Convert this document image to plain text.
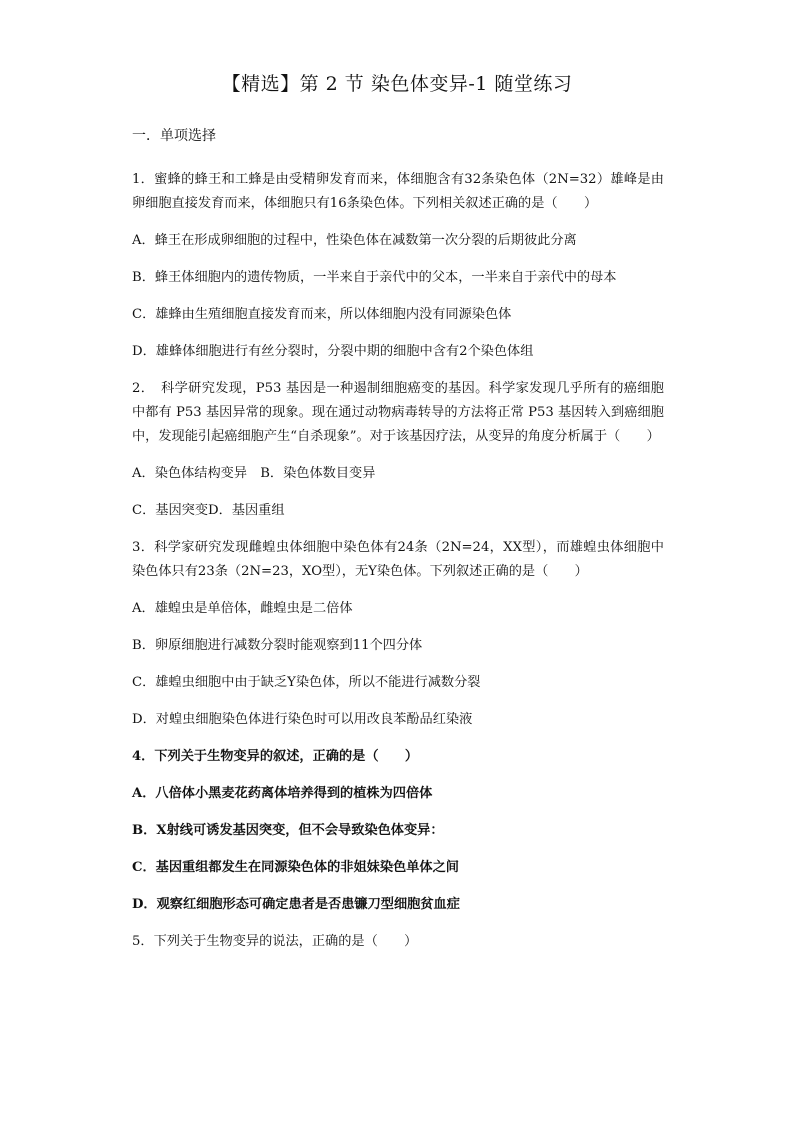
【精选】第 2 节 染色体变异-1 随堂练习
一．单项选择

1．蜜蜂的蜂王和工蜂是由受精卵发育而来，体细胞含有32条染色体（2N=32）雄峰是由卵细胞直接发育而来，体细胞只有16条染色体。下列相关叙述正确的是（　　）

A．蜂王在形成卵细胞的过程中，性染色体在减数第一次分裂的后期彼此分离

B．蜂王体细胞内的遗传物质，一半来自于亲代中的父本，一半来自于亲代中的母本

C．雄蜂由生殖细胞直接发育而来，所以体细胞内没有同源染色体

D．雄蜂体细胞进行有丝分裂时，分裂中期的细胞中含有2个染色体组

2．　科学研究发现，P53 基因是一种遏制细胞癌变的基因。科学家发现几乎所有的癌细胞中都有 P53 基因异常的现象。现在通过动物病毒转导的方法将正常 P53 基因转入到癌细胞中，发现能引起癌细胞产生“自杀现象”。对于该基因疗法，从变异的角度分析属于（　　）

A．染色体结构变异　B．染色体数目变异

C．基因突变D．基因重组

3．科学家研究发现雌蝗虫体细胞中染色体有24条（2N=24，XX型），而雄蝗虫体细胞中染色体只有23条（2N=23，XO型），无Y染色体。下列叙述正确的是（　　）

A．雄蝗虫是单倍体，雌蝗虫是二倍体

B．卵原细胞进行减数分裂时能观察到11个四分体

C．雄蝗虫细胞中由于缺乏Y染色体，所以不能进行减数分裂

D．对蝗虫细胞染色体进行染色时可以用改良苯酚品红染液

4．下列关于生物变异的叙述，正确的是（　　）

A．八倍体小黑麦花药离体培养得到的植株为四倍体

B．X射线可诱发基因突变，但不会导致染色体变异：

C．基因重组都发生在同源染色体的非姐妹染色单体之间

D．观察红细胞形态可确定患者是否患镰刀型细胞贫血症

5．下列关于生物变异的说法，正确的是（　　）
